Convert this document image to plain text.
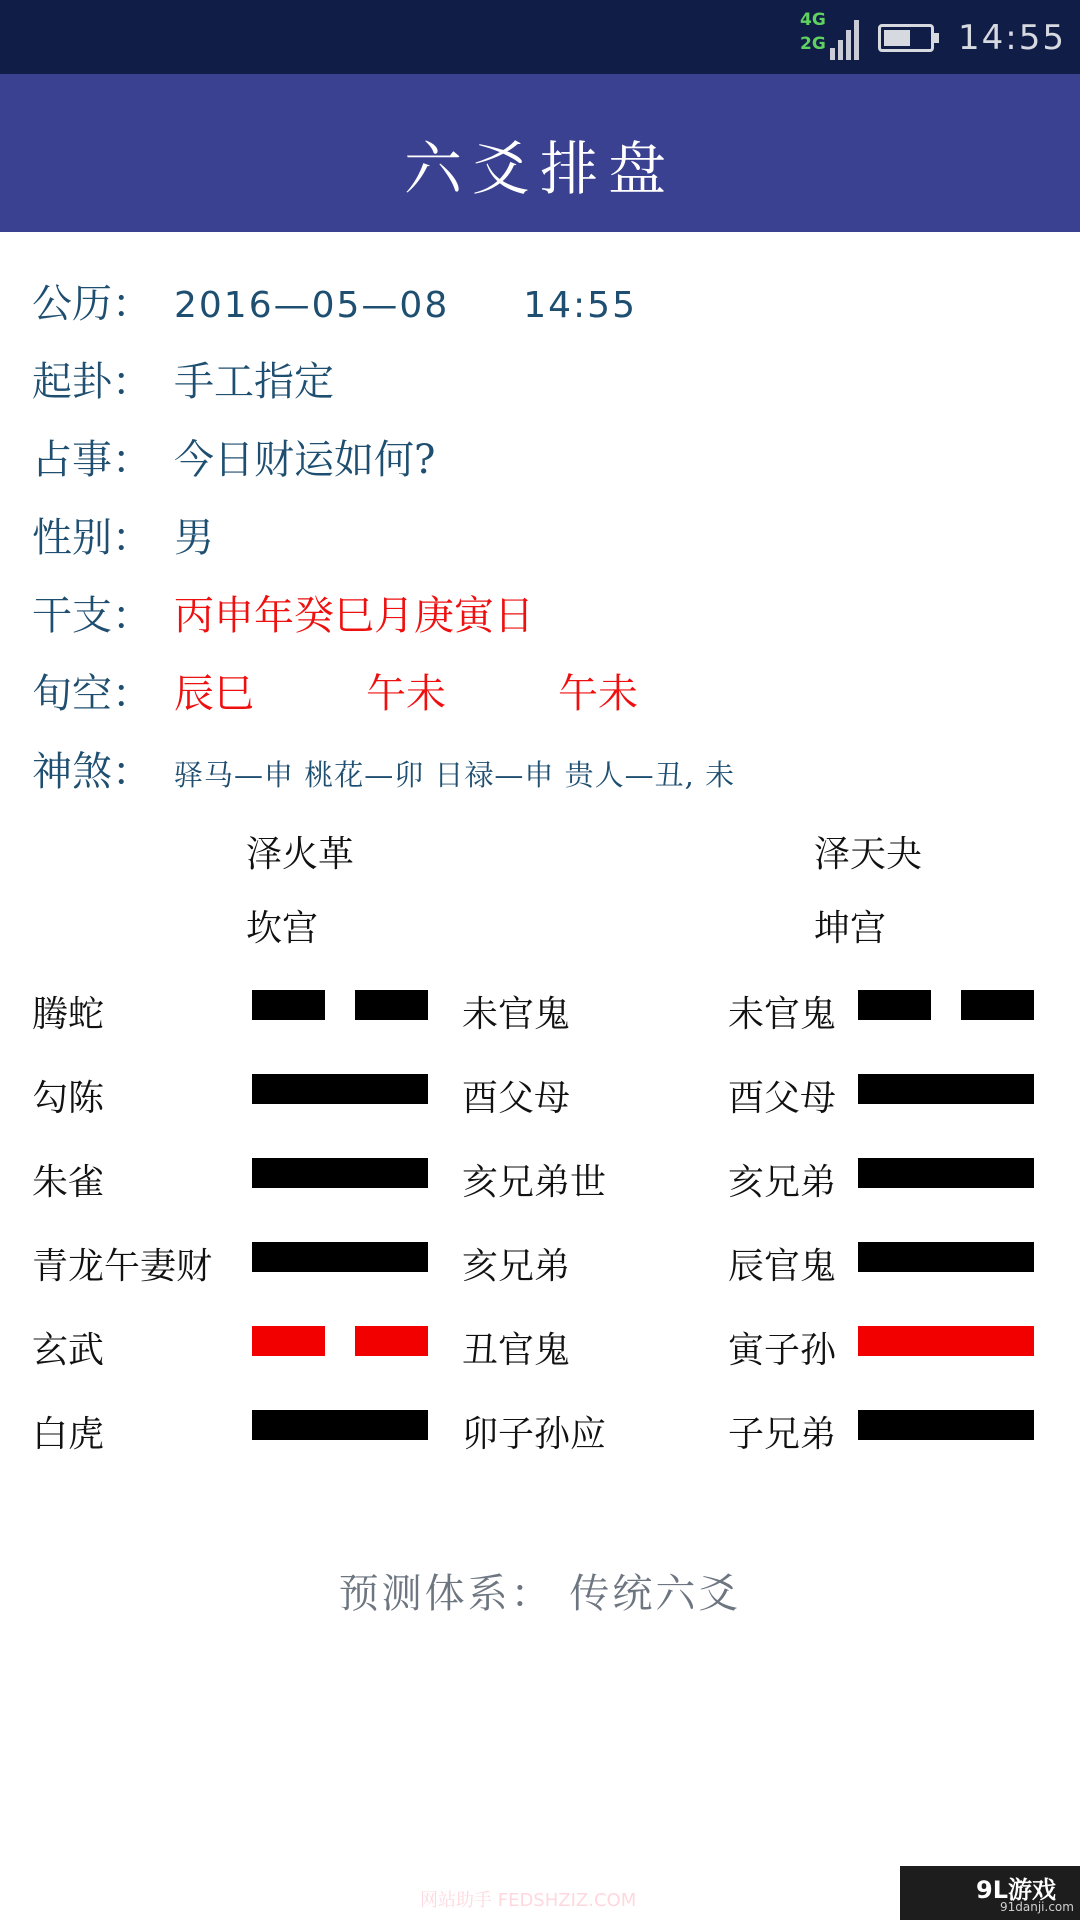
4G
2G	14:55
六爻排盘
公历： 2016—05—08 14:55
起卦： 手工指定
占事： 今日财运如何?
性别： 男
干支： 丙申年癸巳月庚寅日
旬空： 辰巳	午未	午未
神煞： 驿马—申 桃花—卯 日禄—申 贵人—丑, 未
泽火革
坎宫
泽天夬
坤宫
腾蛇	未官鬼	未官鬼
勾陈	酉父母	酉父母
朱雀	亥兄弟世	亥兄弟
青龙午妻财	亥兄弟	辰官鬼
玄武	丑官鬼	寅子孙
白虎	卯子孙应	子兄弟
预测体系： 传统六爻
网站助手 FEDSHZIZ.COM	9L游戏
91danji.com
